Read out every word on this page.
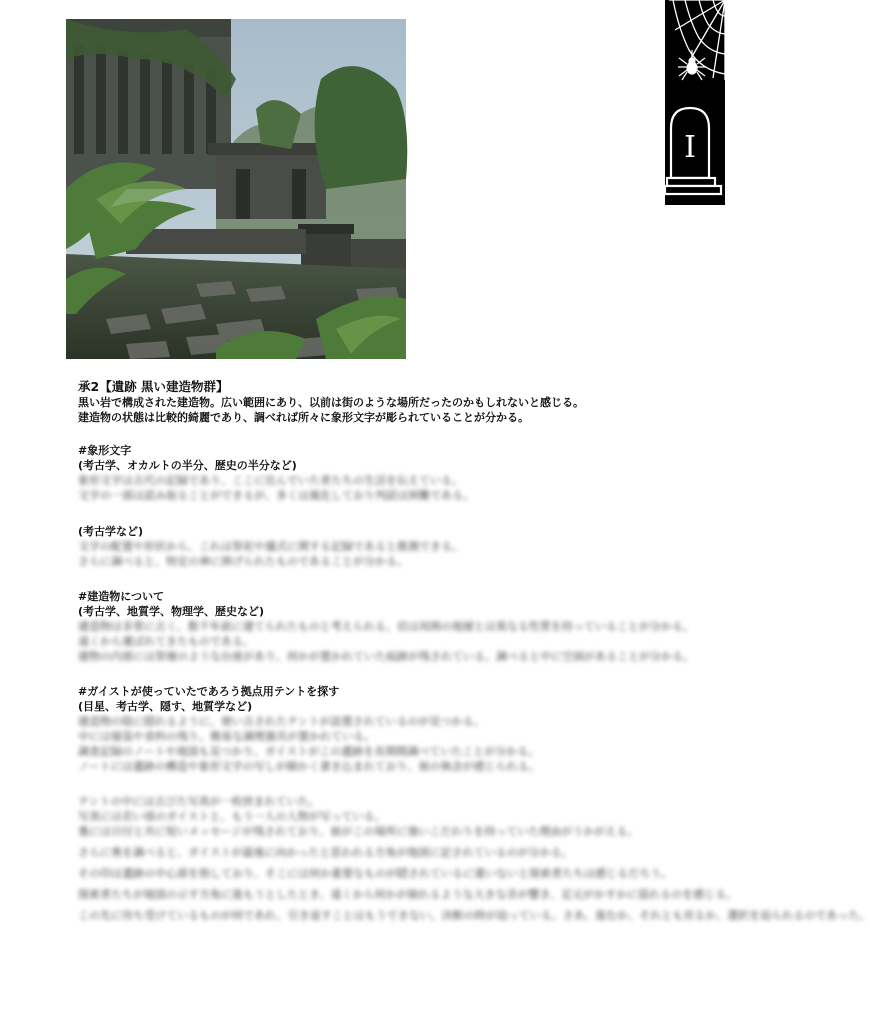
I
承2【遺跡 黒い建造物群】
黒い岩で構成された建造物。広い範囲にあり、以前は街のような場所だったのかもしれないと感じる。
建造物の状態は比較的綺麗であり、調べれば所々に象形文字が彫られていることが分かる。
#象形文字
(考古学、オカルトの半分、歴史の半分など)
象形文字は古代の記録であり、ここに住んでいた者たちの生活を伝えている。
文字の一部は読み取ることができるが、多くは風化しており判読は困難である。
(考古学など)
文字の配置や形状から、これは祭祀や儀式に関する記録であると推測できる。
さらに調べると、特定の神に捧げられたものであることが分かる。
#建造物について
(考古学、地質学、物理学、歴史など)
建造物は非常に古く、数千年前に建てられたものと考えられる。岩は周囲の地層とは異なる性質を持っていることが分かる。
遠くから運ばれてきたものである。
建物の内部には祭壇のような台座があり、何かが置かれていた痕跡が残されている。調べると中に空洞があることが分かる。
#ガイストが使っていたであろう拠点用テントを探す
(目星、考古学、隠す、地質学など)
建造物の陰に隠れるように、使い古されたテントが設置されているのが見つかる。
中には寝袋や食料の残り、簡易な調理器具が置かれている。
調査記録のノートや地図も見つかり、ガイストがこの遺跡を長期間調べていたことが分かる。
ノートには遺跡の構造や象形文字の写しが細かく書き込まれており、彼の執念が感じられる。
テントの中には古びた写真が一枚挟まれていた。
写真には若い頃のガイストと、もう一人の人物が写っている。
裏には日付と共に短いメッセージが残されており、彼がこの場所に強いこだわりを持っていた理由がうかがえる。
さらに奥を調べると、ガイストが最後に向かったと思われる方角が地図に記されているのが分かる。
その印は遺跡の中心部を指しており、そこには何か重要なものが隠されているに違いないと探索者たちは感じるだろう。
探索者たちが地図の示す方角に進もうとしたとき、遠くから何かが崩れるような大きな音が響き、足元がかすかに揺れるのを感じる。
この先に待ち受けているものが何であれ、引き返すことはもうできない。決断の時が迫っている。さあ、進むか、それとも戻るか、選択を迫られるのであった。
